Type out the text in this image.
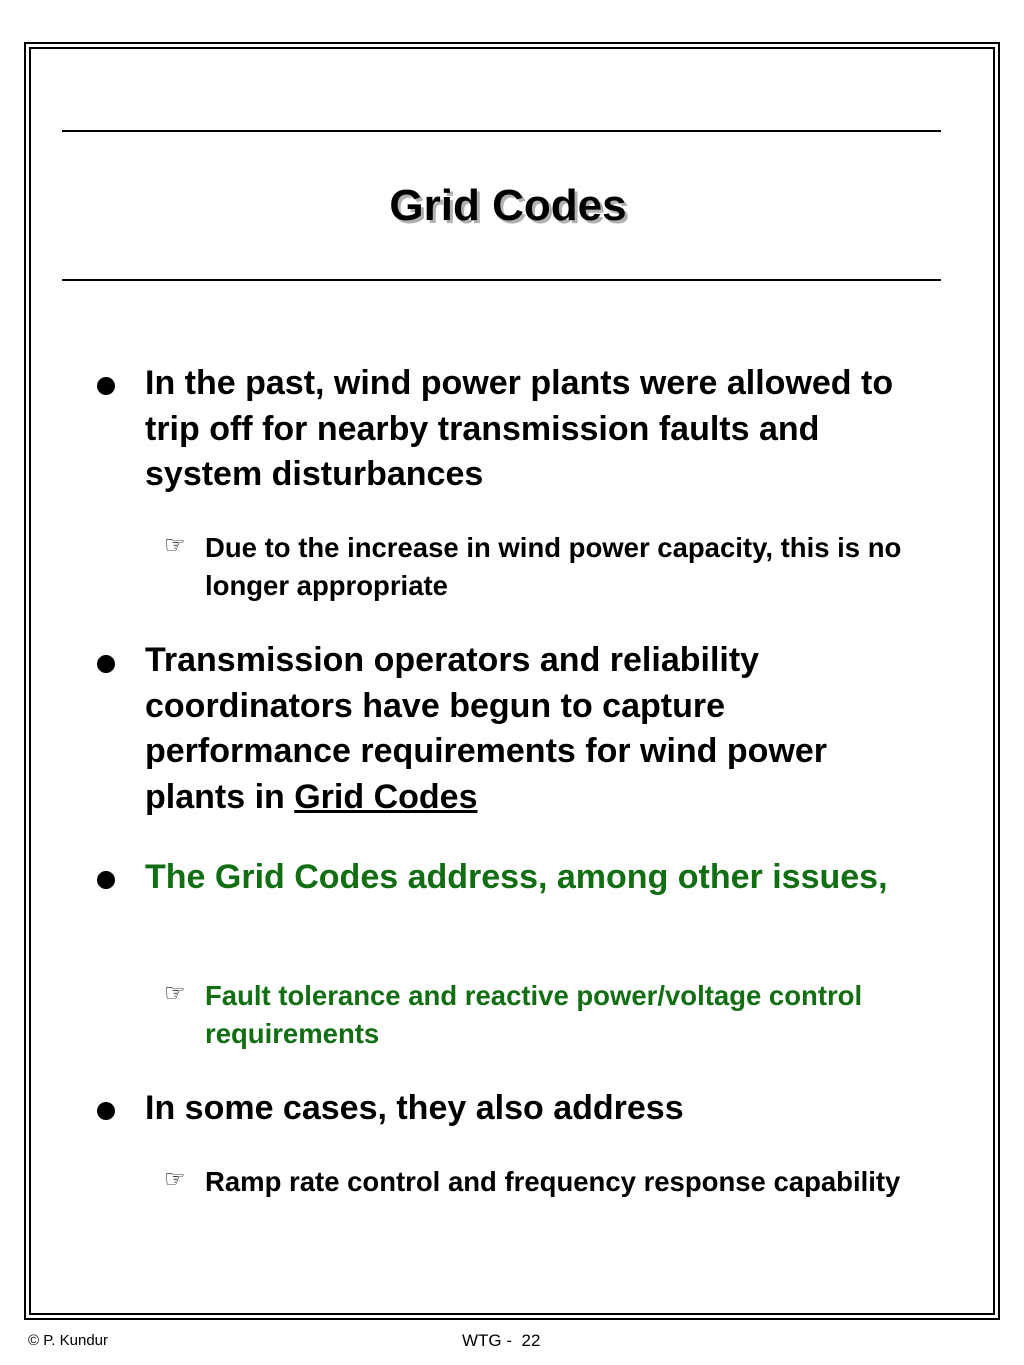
Grid Codes
In the past, wind power plants were allowed to trip off for nearby transmission faults and system disturbances
☞ Due to the increase in wind power capacity, this is no longer appropriate
Transmission operators and reliability coordinators have begun to capture performance requirements for wind power plants in Grid Codes
The Grid Codes address, among other issues,
☞ Fault tolerance and reactive power/voltage control requirements
In some cases, they also address
☞ Ramp rate control and frequency response capability
© P. Kundur	WTG -  22
